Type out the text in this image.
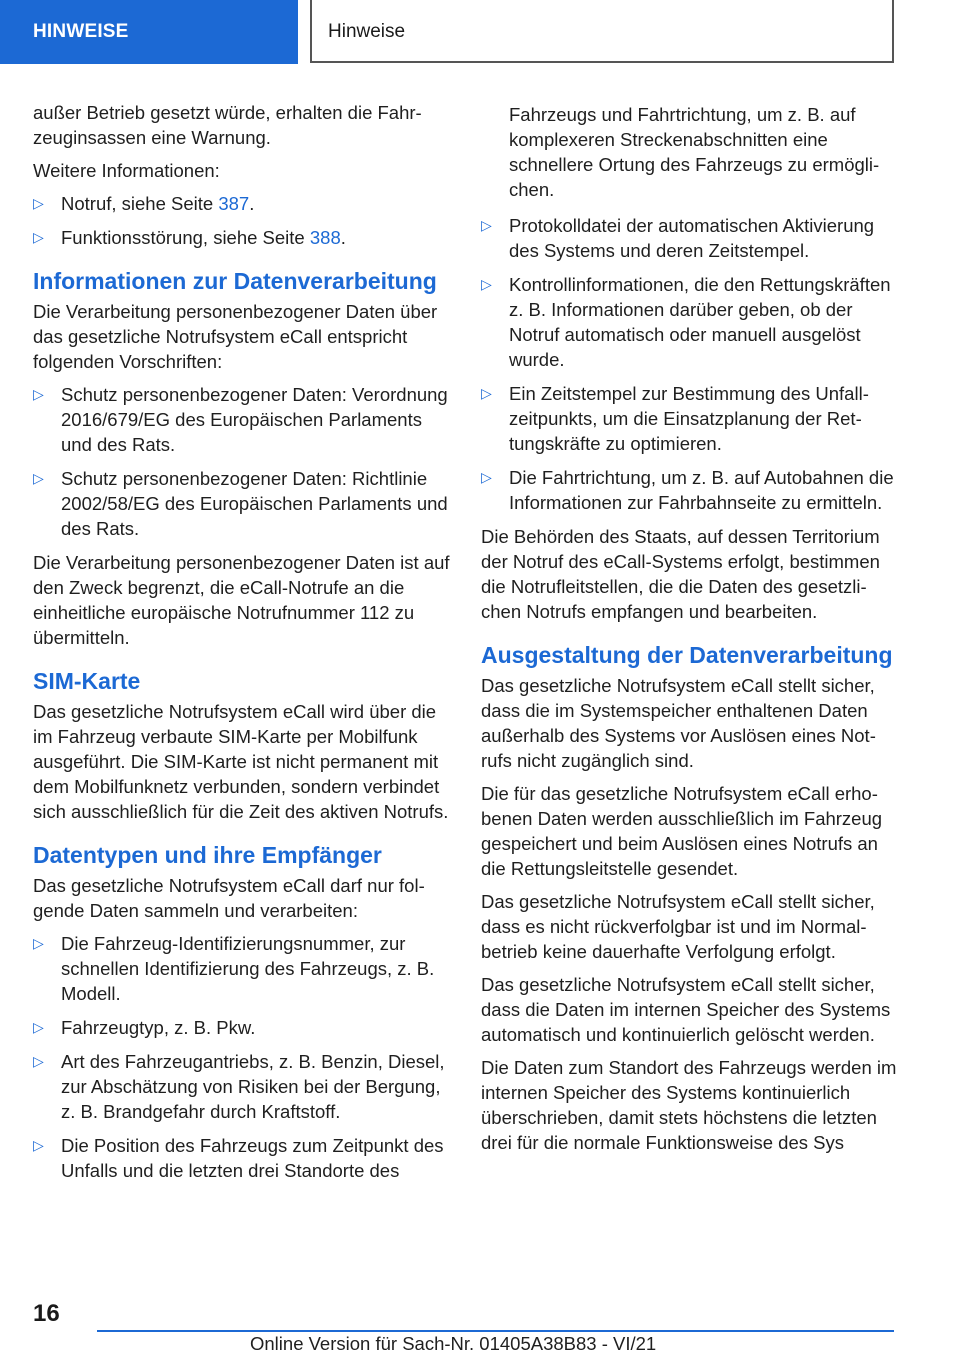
HINWEISE	Hinweise

außer Betrieb gesetzt würde, erhalten die Fahrzeuginsassen eine Warnung.

Weitere Informationen:

▷ Notruf, siehe Seite 387.
▷ Funktionsstörung, siehe Seite 388.
Informationen zur Datenverarbeitung

Die Verarbeitung personenbezogener Daten über das gesetzliche Notrufsystem eCall entspricht folgenden Vorschriften:

▷ Schutz personenbezogener Daten: Verordnung 2016/679/EG des Europäischen Parlaments und des Rats.
▷ Schutz personenbezogener Daten: Richtlinie 2002/58/EG des Europäischen Parlaments und des Rats.

Die Verarbeitung personenbezogener Daten ist auf den Zweck begrenzt, die eCall-Notrufe an die einheitliche europäische Notrufnummer 112 zu übermitteln.

SIM-Karte

Das gesetzliche Notrufsystem eCall wird über die im Fahrzeug verbaute SIM-Karte per Mobilfunk ausgeführt. Die SIM-Karte ist nicht permanent mit dem Mobilfunknetz verbunden, sondern verbindet sich ausschließlich für die Zeit des aktiven Notrufs.

Datentypen und ihre Empfänger

Das gesetzliche Notrufsystem eCall darf nur folgende Daten sammeln und verarbeiten:

▷ Die Fahrzeug-Identifizierungsnummer, zur schnellen Identifizierung des Fahrzeugs, z. B. Modell.
▷ Fahrzeugtyp, z. B. Pkw.
▷ Art des Fahrzeugantriebs, z. B. Benzin, Diesel, zur Abschätzung von Risiken bei der Bergung, z. B. Brandgefahr durch Kraftstoff.
▷ Die Position des Fahrzeugs zum Zeitpunkt des Unfalls und die letzten drei Standorte des
Fahrzeugs und Fahrtrichtung, um z. B. auf komplexeren Streckenabschnitten eine schnellere Ortung des Fahrzeugs zu ermöglichen.
▷ Protokolldatei der automatischen Aktivierung des Systems und deren Zeitstempel.
▷ Kontrollinformationen, die den Rettungskräften z. B. Informationen darüber geben, ob der Notruf automatisch oder manuell ausgelöst wurde.
▷ Ein Zeitstempel zur Bestimmung des Unfallzeitpunkts, um die Einsatzplanung der Rettungskräfte zu optimieren.
▷ Die Fahrtrichtung, um z. B. auf Autobahnen die Informationen zur Fahrbahnseite zu ermitteln.

Die Behörden des Staats, auf dessen Territorium der Notruf des eCall-Systems erfolgt, bestimmen die Notrufleitstellen, die die Daten des gesetzlichen Notrufs empfangen und bearbeiten.

Ausgestaltung der Datenverarbeitung

Das gesetzliche Notrufsystem eCall stellt sicher, dass die im Systemspeicher enthaltenen Daten außerhalb des Systems vor Auslösen eines Notrufs nicht zugänglich sind.

Die für das gesetzliche Notrufsystem eCall erhobenen Daten werden ausschließlich im Fahrzeug gespeichert und beim Auslösen eines Notrufs an die Rettungsleitstelle gesendet.

Das gesetzliche Notrufsystem eCall stellt sicher, dass es nicht rückverfolgbar ist und im Normalbetrieb keine dauerhafte Verfolgung erfolgt.

Das gesetzliche Notrufsystem eCall stellt sicher, dass die Daten im internen Speicher des Systems automatisch und kontinuierlich gelöscht werden.

Die Daten zum Standort des Fahrzeugs werden im internen Speicher des Systems kontinuierlich überschrieben, damit stets höchstens die letzten drei für die normale Funktionsweise des Sys

16
Online Version für Sach-Nr. 01405A38B83 - VI/21
